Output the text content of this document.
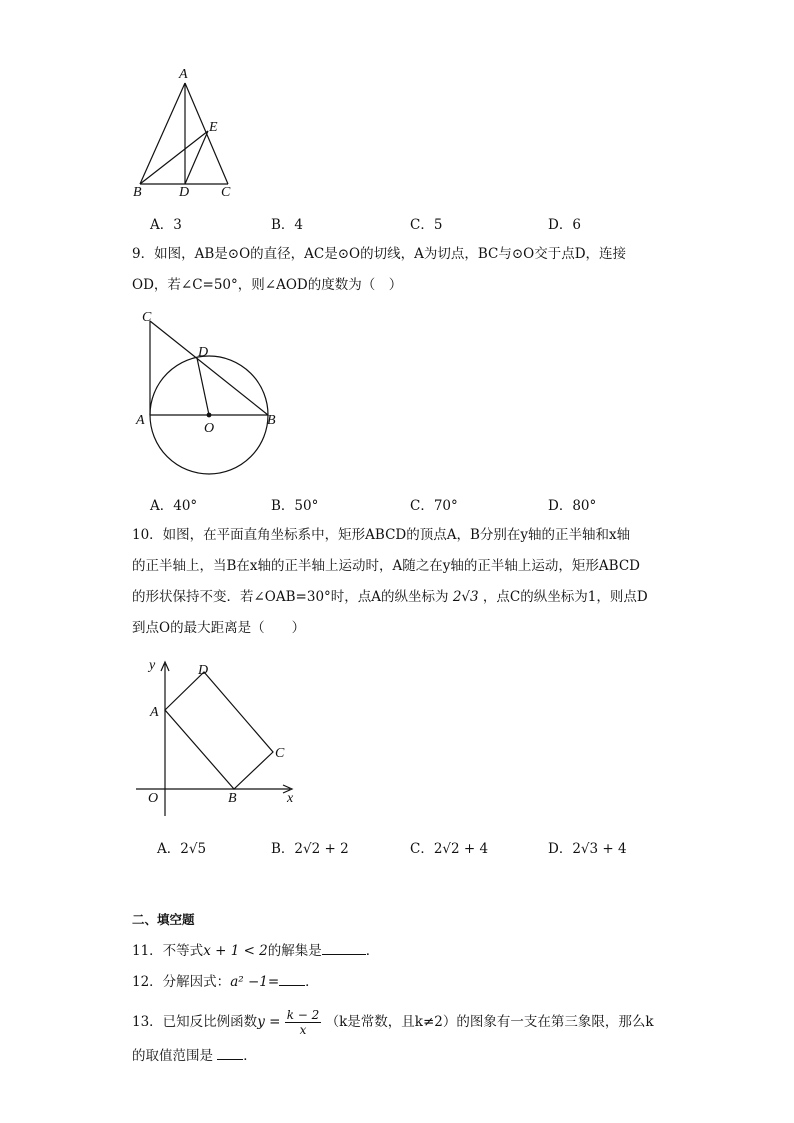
A
E
B	D C
A．3	B．4	C．5	D．6
9．如图，AB是⊙O的直径，AC是⊙O的切线，A为切点，BC与⊙O交于点D，连接
OD，若∠C=50°，则∠AOD的度数为（　）
C
D
A
O
B
A．40°	B．50°	C．70°	D．80°
10．如图，在平面直角坐标系中，矩形ABCD的顶点A，B分别在y轴的正半轴和x轴
的正半轴上，当B在x轴的正半轴上运动时，A随之在y轴的正半轴上运动，矩形ABCD
的形状保持不变．若∠OAB=30°时，点A的纵坐标为 2√3 ，点C的纵坐标为1，则点D
到点O的最大距离是（　　）
y	D
A
C
O	B	x
A．2√5	B．2√2 + 2	C．2√2 + 4	D．2√3 + 4
二、填空题
11．不等式x + 1 < 2的解集是	．
12．分解因式：a² −1= ．
13．已知反比例函数$y = \frac{k - 2}{x} (k$是常数，且k≠2）的图象有一支在第三象限，那么k
的取值范围是 ．
